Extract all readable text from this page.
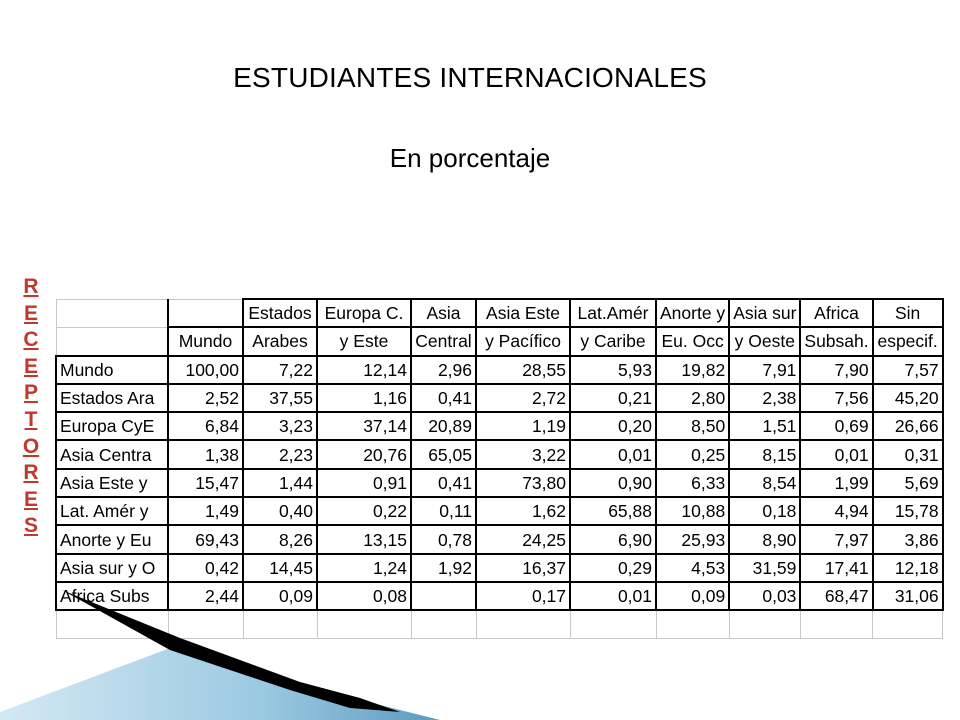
ESTUDIANTES INTERNACIONALES
En porcentaje
R
E
C
E
P
T
O
R
E
S
		Estados	Europa C.	Asia	Asia Este	Lat.Amér	Anorte y	Asia sur	Africa	Sin
	Mundo	Arabes	y Este	Central	y Pacífico	y Caribe	Eu. Occ	y Oeste	Subsah.	especif.
Mundo	100,00	7,22	12,14	2,96	28,55	5,93	19,82	7,91	7,90	7,57
Estados Ara	2,52	37,55	1,16	0,41	2,72	0,21	2,80	2,38	7,56	45,20
Europa CyE	6,84	3,23	37,14	20,89	1,19	0,20	8,50	1,51	0,69	26,66
Asia Centra	1,38	2,23	20,76	65,05	3,22	0,01	0,25	8,15	0,01	0,31
Asia Este y	15,47	1,44	0,91	0,41	73,80	0,90	6,33	8,54	1,99	5,69
Lat. Amér y	1,49	0,40	0,22	0,11	1,62	65,88	10,88	0,18	4,94	15,78
Anorte y Eu	69,43	8,26	13,15	0,78	24,25	6,90	25,93	8,90	7,97	3,86
Asia sur y O	0,42	14,45	1,24	1,92	16,37	0,29	4,53	31,59	17,41	12,18
Africa Subs	2,44	0,09	0,08		0,17	0,01	0,09	0,03	68,47	31,06
